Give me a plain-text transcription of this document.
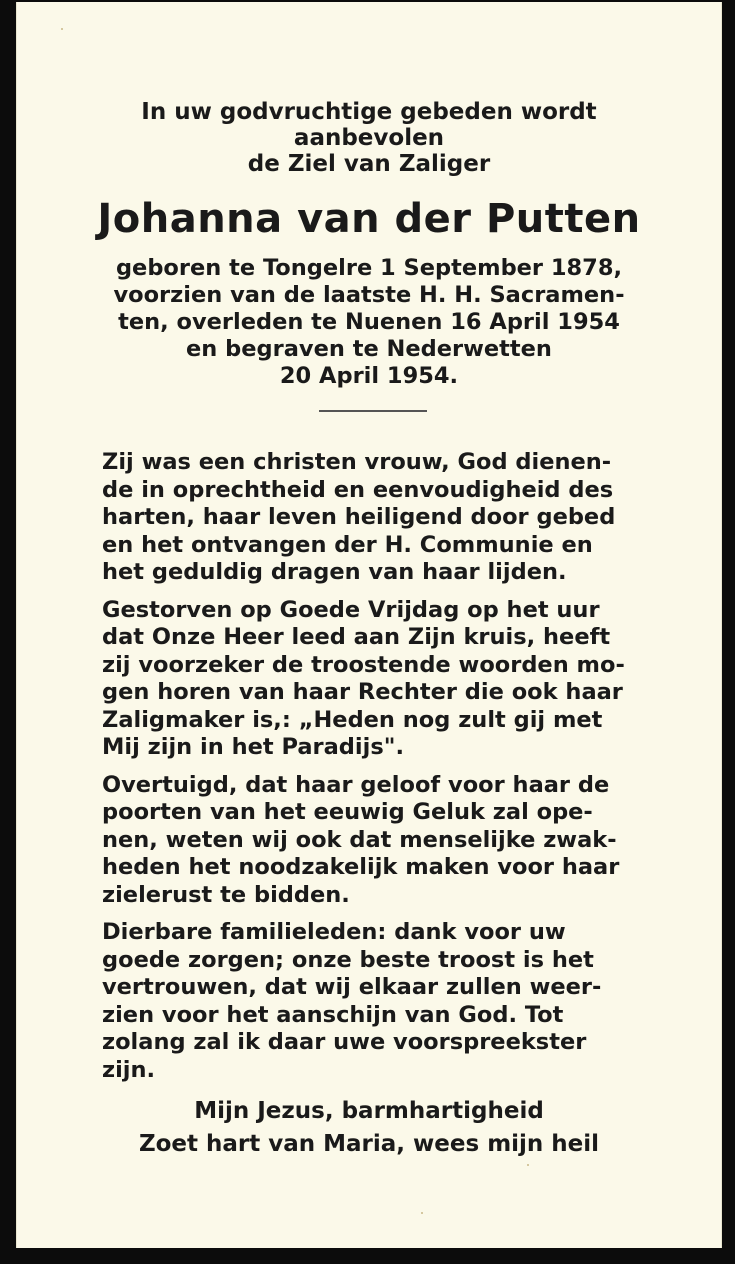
In uw godvruchtige gebeden wordt
aanbevolen
de Ziel van Zaliger
Johanna van der Putten
geboren te Tongelre 1 September 1878,
voorzien van de laatste H. H. Sacramen-
ten, overleden te Nuenen 16 April 1954
en begraven te Nederwetten
20 April 1954.
Zij was een christen vrouw, God dienen-
de in oprechtheid en eenvoudigheid des
harten, haar leven heiligend door gebed
en het ontvangen der H. Communie en
het geduldig dragen van haar lijden.
Gestorven op Goede Vrijdag op het uur
dat Onze Heer leed aan Zijn kruis, heeft
zij voorzeker de troostende woorden mo-
gen horen van haar Rechter die ook haar
Zaligmaker is,: „Heden nog zult gij met
Mij zijn in het Paradijs".
Overtuigd, dat haar geloof voor haar de
poorten van het eeuwig Geluk zal ope-
nen, weten wij ook dat menselijke zwak-
heden het noodzakelijk maken voor haar
zielerust te bidden.
Dierbare familieleden: dank voor uw
goede zorgen; onze beste troost is het
vertrouwen, dat wij elkaar zullen weer-
zien voor het aanschijn van God. Tot
zolang zal ik daar uwe voorspreekster
zijn.
Mijn Jezus, barmhartigheid
Zoet hart van Maria, wees mijn heil
